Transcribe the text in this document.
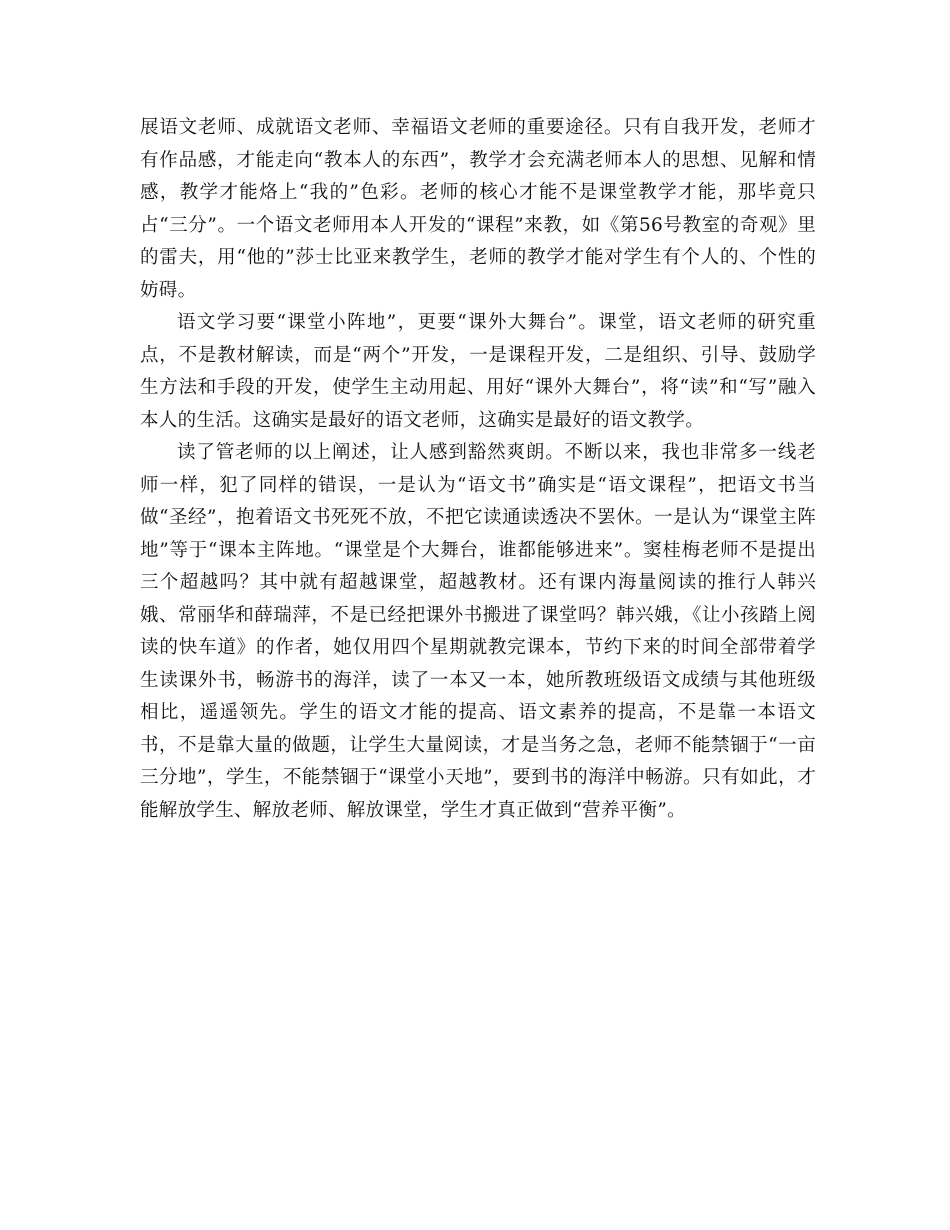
展语文老师、成就语文老师、幸福语文老师的重要途径。只有自我开发，老师才有作品感，才能走向“教本人的东西”，教学才会充满老师本人的思想、见解和情感，教学才能烙上“我的”色彩。老师的核心才能不是课堂教学才能，那毕竟只占“三分”。一个语文老师用本人开发的“课程”来教，如《第56号教室的奇观》里的雷夫，用“他的”莎士比亚来教学生，老师的教学才能对学生有个人的、个性的妨碍。

语文学习要“课堂小阵地”，更要“课外大舞台”。课堂，语文老师的研究重点，不是教材解读，而是“两个”开发，一是课程开发，二是组织、引导、鼓励学生方法和手段的开发，使学生主动用起、用好“课外大舞台”，将“读”和“写”融入本人的生活。这确实是最好的语文老师，这确实是最好的语文教学。

读了管老师的以上阐述，让人感到豁然爽朗。不断以来，我也非常多一线老师一样，犯了同样的错误，一是认为“语文书”确实是“语文课程”，把语文书当做“圣经”，抱着语文书死死不放，不把它读通读透决不罢休。一是认为“课堂主阵地”等于“课本主阵地。“课堂是个大舞台，谁都能够进来”。窦桂梅老师不是提出三个超越吗？其中就有超越课堂，超越教材。还有课内海量阅读的推行人韩兴娥、常丽华和薛瑞萍，不是已经把课外书搬进了课堂吗？韩兴娥，《让小孩踏上阅读的快车道》的作者，她仅用四个星期就教完课本，节约下来的时间全部带着学生读课外书，畅游书的海洋，读了一本又一本，她所教班级语文成绩与其他班级相比，遥遥领先。学生的语文才能的提高、语文素养的提高，不是靠一本语文书，不是靠大量的做题，让学生大量阅读，才是当务之急，老师不能禁锢于“一亩三分地”，学生，不能禁锢于“课堂小天地”，要到书的海洋中畅游。只有如此，才能解放学生、解放老师、解放课堂，学生才真正做到“营养平衡”。
